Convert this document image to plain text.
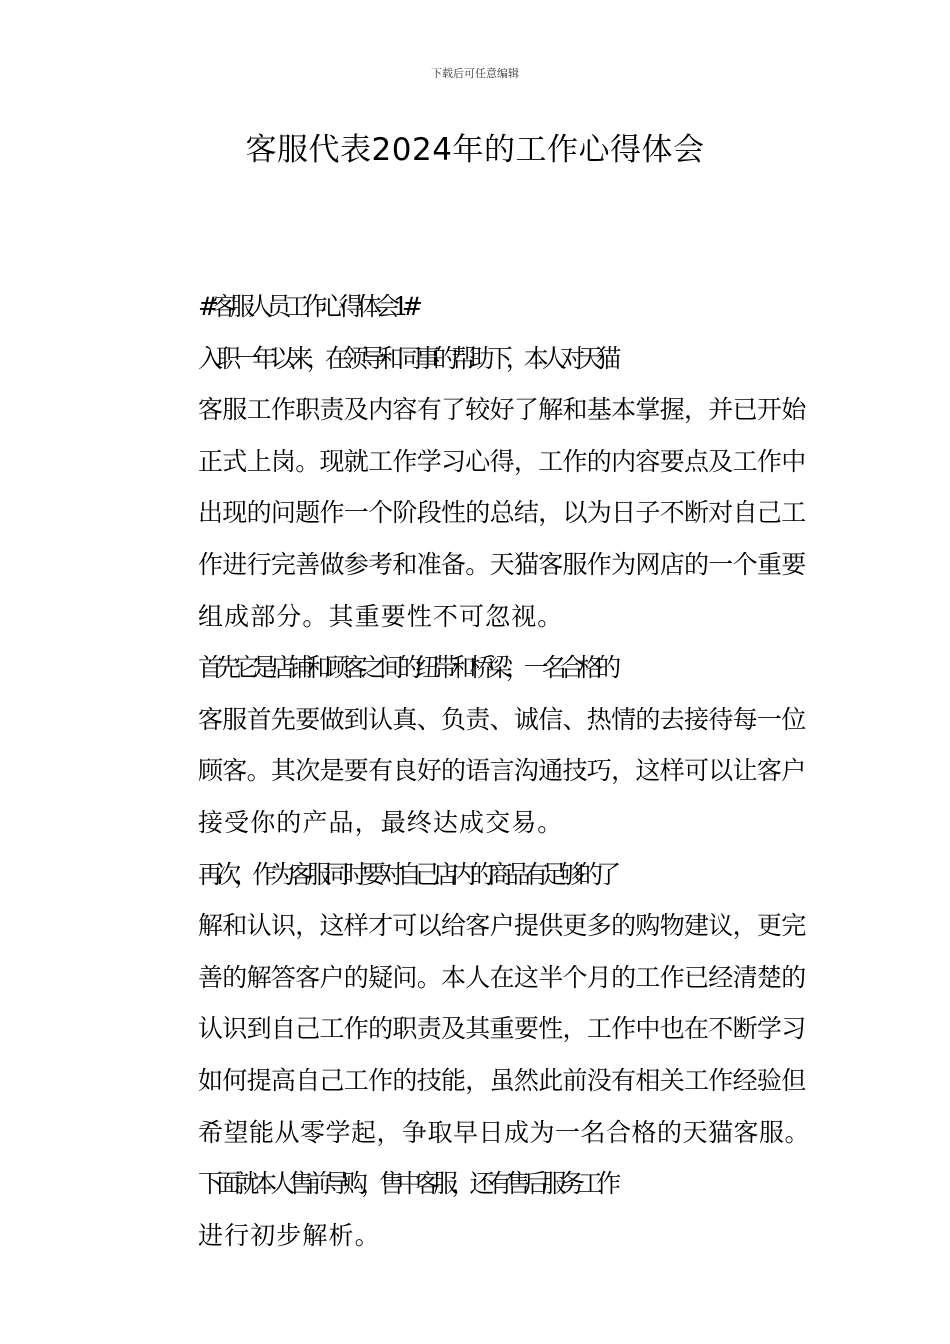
下载后可任意编辑
客服代表2024年的工作心得体会

#客服人员工作心得体会1#

入职一年以来，在领导和同事的帮助下，本人对天猫
客服工作职责及内容有了较好了解和基本掌握，并已开始
正式上岗。现就工作学习心得，工作的内容要点及工作中
出现的问题作一个阶段性的总结，以为日子不断对自己工
作进行完善做参考和准备。天猫客服作为网店的一个重要
组成部分。其重要性不可忽视。

首先它是店铺和顾客之间的纽带和桥梁，一名合格的
客服首先要做到认真、负责、诚信、热情的去接待每一位
顾客。其次是要有良好的语言沟通技巧，这样可以让客户
接受你的产品，最终达成交易。

再次，作为客服同时要对自己店内的商品有足够的了
解和认识，这样才可以给客户提供更多的购物建议，更完
善的解答客户的疑问。本人在这半个月的工作已经清楚的
认识到自己工作的职责及其重要性，工作中也在不断学习
如何提高自己工作的技能，虽然此前没有相关工作经验但
希望能从零学起，争取早日成为一名合格的天猫客服。

下面就本人售前导购，售中客服，还有售后服务工作
进行初步解析。
